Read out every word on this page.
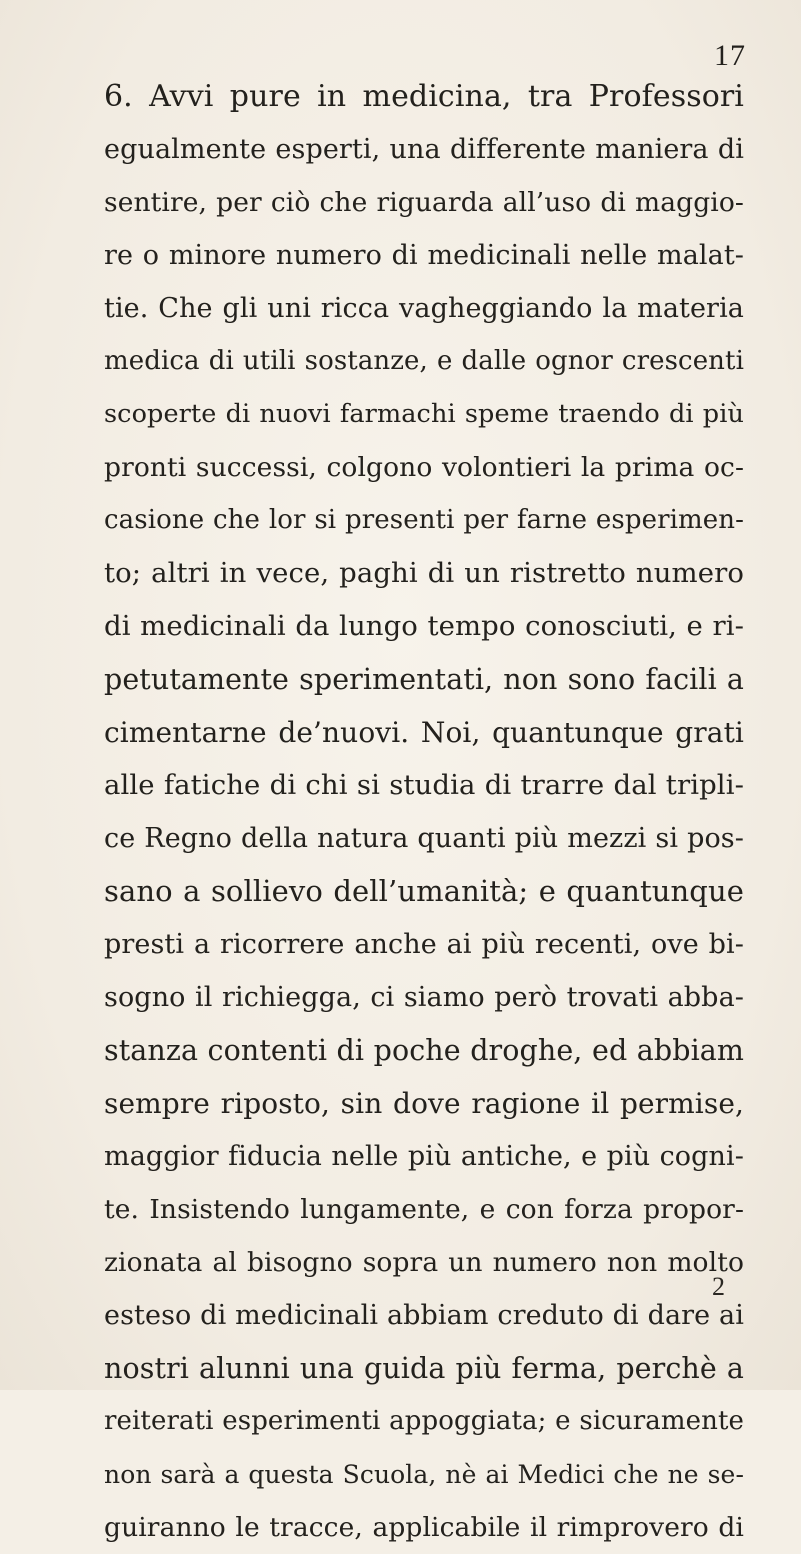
17
6. Avvi pure in medicina, tra Professori
egualmente esperti, una differente maniera di
sentire, per ciò che riguarda all’uso di maggio-
re o minore numero di medicinali nelle malat-
tie. Che gli uni ricca vagheggiando la materia
medica di utili sostanze, e dalle ognor crescenti
scoperte di nuovi farmachi speme traendo di più
pronti successi, colgono volontieri la prima oc-
casione che lor si presenti per farne esperimen-
to; altri in vece, paghi di un ristretto numero
di medicinali da lungo tempo conosciuti, e ri-
petutamente sperimentati, non sono facili a
cimentarne de’nuovi. Noi, quantunque grati
alle fatiche di chi si studia di trarre dal tripli-
ce Regno della natura quanti più mezzi si pos-
sano a sollievo dell’umanità; e quantunque
presti a ricorrere anche ai più recenti, ove bi-
sogno il richiegga, ci siamo però trovati abba-
stanza contenti di poche droghe, ed abbiam
sempre riposto, sin dove ragione il permise,
maggior fiducia nelle più antiche, e più cogni-
te. Insistendo lungamente, e con forza propor-
zionata al bisogno sopra un numero non molto
esteso di medicinali abbiam creduto di dare ai
nostri alunni una guida più ferma, perchè a
reiterati esperimenti appoggiata; e sicuramente
non sarà a questa Scuola, nè ai Medici che ne se-
guiranno le tracce, applicabile il rimprovero di
2
